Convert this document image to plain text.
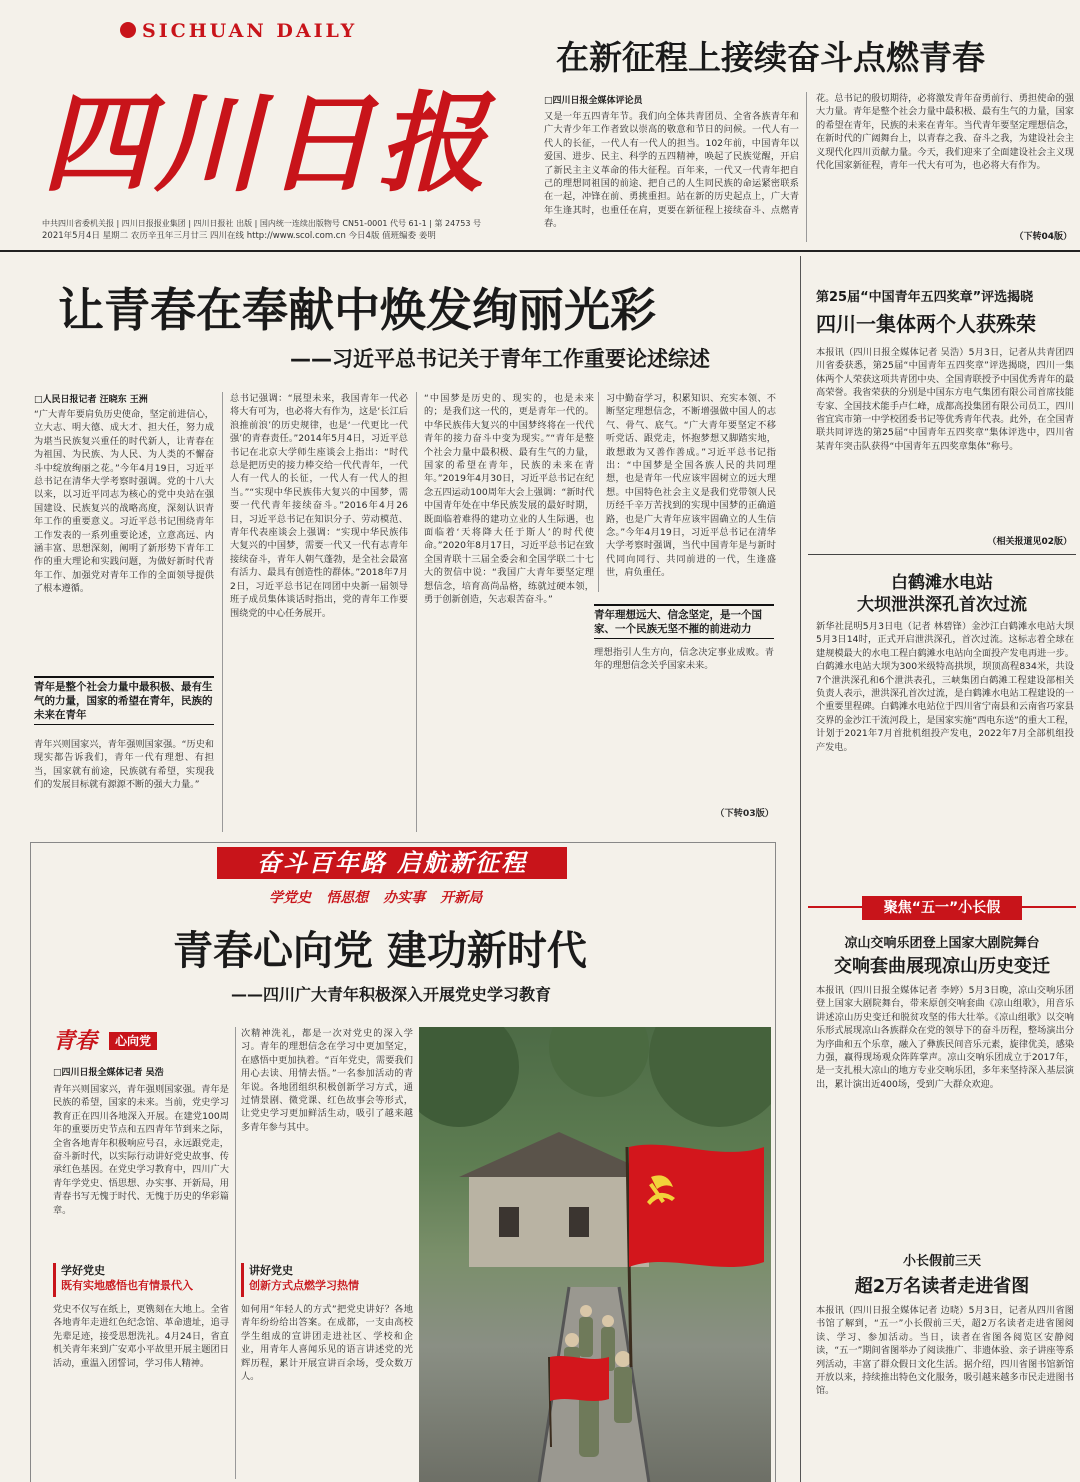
SICHUAN DAILY
四川日报
中共四川省委机关报 | 四川日报报业集团 | 四川日报社 出版 | 国内统一连续出版物号 CN51-0001 代号 61-1 | 第 24753 号
2021年5月4日 星期二 农历辛丑年三月廿三 四川在线 http://www.scol.com.cn 今日4版 值班编委 姜明
在新征程上接续奋斗点燃青春
□四川日报全媒体评论员
又是一年五四青年节。我们向全体共青团员、全省各族青年和广大青少年工作者致以崇高的敬意和节日的问候。一代人有一代人的长征，一代人有一代人的担当。102年前，中国青年以爱国、进步、民主、科学的五四精神，唤起了民族觉醒，开启了新民主主义革命的伟大征程。百年来，一代又一代青年把自己的理想同祖国的前途、把自己的人生同民族的命运紧密联系在一起，冲锋在前、勇挑重担。站在新的历史起点上，广大青年生逢其时，也重任在肩，更要在新征程上接续奋斗、点燃青春。
花。总书记的殷切期待，必将激发青年奋勇前行、勇担使命的强大力量。青年是整个社会力量中最积极、最有生气的力量，国家的希望在青年，民族的未来在青年。当代青年要坚定理想信念，在新时代的广阔舞台上，以青春之我、奋斗之我，为建设社会主义现代化四川贡献力量。今天，我们迎来了全面建设社会主义现代化国家新征程，青年一代大有可为，也必将大有作为。
（下转04版）
让青春在奉献中焕发绚丽光彩
——习近平总书记关于青年工作重要论述综述
□人民日报记者 汪晓东 王洲
“广大青年要肩负历史使命，坚定前进信心，立大志、明大德、成大才、担大任，努力成为堪当民族复兴重任的时代新人，让青春在为祖国、为民族、为人民、为人类的不懈奋斗中绽放绚丽之花。”今年4月19日，习近平总书记在清华大学考察时强调。党的十八大以来，以习近平同志为核心的党中央站在强国建设、民族复兴的战略高度，深刻认识青年工作的重要意义。习近平总书记围绕青年工作发表的一系列重要论述，立意高远、内涵丰富、思想深刻，阐明了新形势下青年工作的重大理论和实践问题，为做好新时代青年工作、加强党对青年工作的全面领导提供了根本遵循。
青年是整个社会力量中最积极、最有生气的力量，国家的希望在青年，民族的未来在青年
青年兴则国家兴，青年强则国家强。“历史和现实都告诉我们，青年一代有理想、有担当，国家就有前途，民族就有希望，实现我们的发展目标就有源源不断的强大力量。”
总书记强调：“展望未来，我国青年一代必将大有可为，也必将大有作为，这是‘长江后浪推前浪’的历史规律，也是‘一代更比一代强’的青春责任。”2014年5月4日，习近平总书记在北京大学师生座谈会上指出：“时代总是把历史的接力棒交给一代代青年，一代人有一代人的长征，一代人有一代人的担当。”“实现中华民族伟大复兴的中国梦，需要一代代青年接续奋斗。”2016年4月26日，习近平总书记在知识分子、劳动模范、青年代表座谈会上强调：“实现中华民族伟大复兴的中国梦，需要一代又一代有志青年接续奋斗，青年人朝气蓬勃，是全社会最富有活力、最具有创造性的群体。”2018年7月2日，习近平总书记在同团中央新一届领导班子成员集体谈话时指出，党的青年工作要围绕党的中心任务展开。
“中国梦是历史的、现实的，也是未来的；是我们这一代的，更是青年一代的。中华民族伟大复兴的中国梦终将在一代代青年的接力奋斗中变为现实。”“青年是整个社会力量中最积极、最有生气的力量，国家的希望在青年，民族的未来在青年。”2019年4月30日，习近平总书记在纪念五四运动100周年大会上强调：“新时代中国青年处在中华民族发展的最好时期，既面临着难得的建功立业的人生际遇，也面临着‘天将降大任于斯人’的时代使命。”2020年8月17日，习近平总书记在致全国青联十三届全委会和全国学联二十七大的贺信中说：“我国广大青年要坚定理想信念，培育高尚品格，练就过硬本领，勇于创新创造，矢志艰苦奋斗。”
青年理想远大、信念坚定，是一个国家、一个民族无坚不摧的前进动力
理想指引人生方向，信念决定事业成败。青年的理想信念关乎国家未来。
习中勤奋学习，积累知识、充实本领、不断坚定理想信念，不断增强做中国人的志气、骨气、底气。“广大青年要坚定不移听党话、跟党走，怀抱梦想又脚踏实地，敢想敢为又善作善成。”习近平总书记指出：“中国梦是全国各族人民的共同理想，也是青年一代应该牢固树立的远大理想。中国特色社会主义是我们党带领人民历经千辛万苦找到的实现中国梦的正确道路，也是广大青年应该牢固确立的人生信念。”今年4月19日，习近平总书记在清华大学考察时强调，当代中国青年是与新时代同向同行、共同前进的一代，生逢盛世，肩负重任。
（下转03版）
第25届“中国青年五四奖章”评选揭晓
四川一集体两个人获殊荣
本报讯（四川日报全媒体记者 吴浩）5月3日，记者从共青团四川省委获悉，第25届“中国青年五四奖章”评选揭晓，四川一集体两个人荣获这项共青团中央、全国青联授予中国优秀青年的最高荣誉。我省荣获的分别是中国东方电气集团有限公司首席技能专家、全国技术能手卢仁峰，成都高投集团有限公司员工，四川省宜宾市第一中学校团委书记等优秀青年代表。此外，在全国青联共同评选的第25届“中国青年五四奖章”集体评选中，四川省某青年突击队获得“中国青年五四奖章集体”称号。
（相关报道见02版）
白鹤滩水电站
大坝泄洪深孔首次过流
新华社昆明5月3日电（记者 林碧锋）金沙江白鹤滩水电站大坝5月3日14时，正式开启泄洪深孔，首次过流。这标志着全球在建规模最大的水电工程白鹤滩水电站向全面投产发电再进一步。白鹤滩水电站大坝为300米级特高拱坝，坝顶高程834米，共设7个泄洪深孔和6个泄洪表孔，三峡集团白鹤滩工程建设部相关负责人表示，泄洪深孔首次过流，是白鹤滩水电站工程建设的一个重要里程碑。白鹤滩水电站位于四川省宁南县和云南省巧家县交界的金沙江干流河段上，是国家实施“西电东送”的重大工程，计划于2021年7月首批机组投产发电，2022年7月全部机组投产发电。
聚焦“五一”小长假
凉山交响乐团登上国家大剧院舞台
交响套曲展现凉山历史变迁
本报讯（四川日报全媒体记者 李婷）5月3日晚，凉山交响乐团登上国家大剧院舞台，带来原创交响套曲《凉山组歌》，用音乐讲述凉山历史变迁和脱贫攻坚的伟大壮举。《凉山组歌》以交响乐形式展现凉山各族群众在党的领导下的奋斗历程，整场演出分为序曲和五个乐章，融入了彝族民间音乐元素，旋律优美，感染力强，赢得现场观众阵阵掌声。凉山交响乐团成立于2017年，是一支扎根大凉山的地方专业交响乐团，多年来坚持深入基层演出，累计演出近400场，受到广大群众欢迎。
小长假前三天
超2万名读者走进省图
本报讯（四川日报全媒体记者 边晓）5月3日，记者从四川省图书馆了解到，“五一”小长假前三天，超2万名读者走进省图阅读、学习、参加活动。当日，读者在省图各阅览区安静阅读，“五一”期间省图举办了阅读推广、非遗体验、亲子讲座等系列活动，丰富了群众假日文化生活。据介绍，四川省图书馆新馆开放以来，持续推出特色文化服务，吸引越来越多市民走进图书馆。
奋斗百年路 启航新征程
学党史 悟思想 办实事 开新局
青春心向党 建功新时代
——四川广大青年积极深入开展党史学习教育
青春	心向党
□四川日报全媒体记者 吴浩
青年兴则国家兴，青年强则国家强。青年是民族的希望，国家的未来。当前，党史学习教育正在四川各地深入开展。在建党100周年的重要历史节点和五四青年节到来之际，全省各地青年积极响应号召，永远跟党走，奋斗新时代，以实际行动讲好党史故事、传承红色基因。在党史学习教育中，四川广大青年学党史、悟思想、办实事、开新局，用青春书写无愧于时代、无愧于历史的华彩篇章。
学好党史
既有实地感悟也有情景代入
党史不仅写在纸上，更镌刻在大地上。全省各地青年走进红色纪念馆、革命遗址，追寻先辈足迹，接受思想洗礼。4月24日，省直机关青年来到广安邓小平故里开展主题团日活动，重温入团誓词，学习伟人精神。
次精神洗礼，都是一次对党史的深入学习。青年的理想信念在学习中更加坚定，在感悟中更加执着。“百年党史，需要我们用心去读、用情去悟。”一名参加活动的青年说。各地团组织积极创新学习方式，通过情景剧、微党课、红色故事会等形式，让党史学习更加鲜活生动，吸引了越来越多青年参与其中。
讲好党史
创新方式点燃学习热情
如何用“年轻人的方式”把党史讲好？各地青年纷纷给出答案。在成都，一支由高校学生组成的宣讲团走进社区、学校和企业，用青年人喜闻乐见的语言讲述党的光辉历程，累计开展宣讲百余场，受众数万人。
